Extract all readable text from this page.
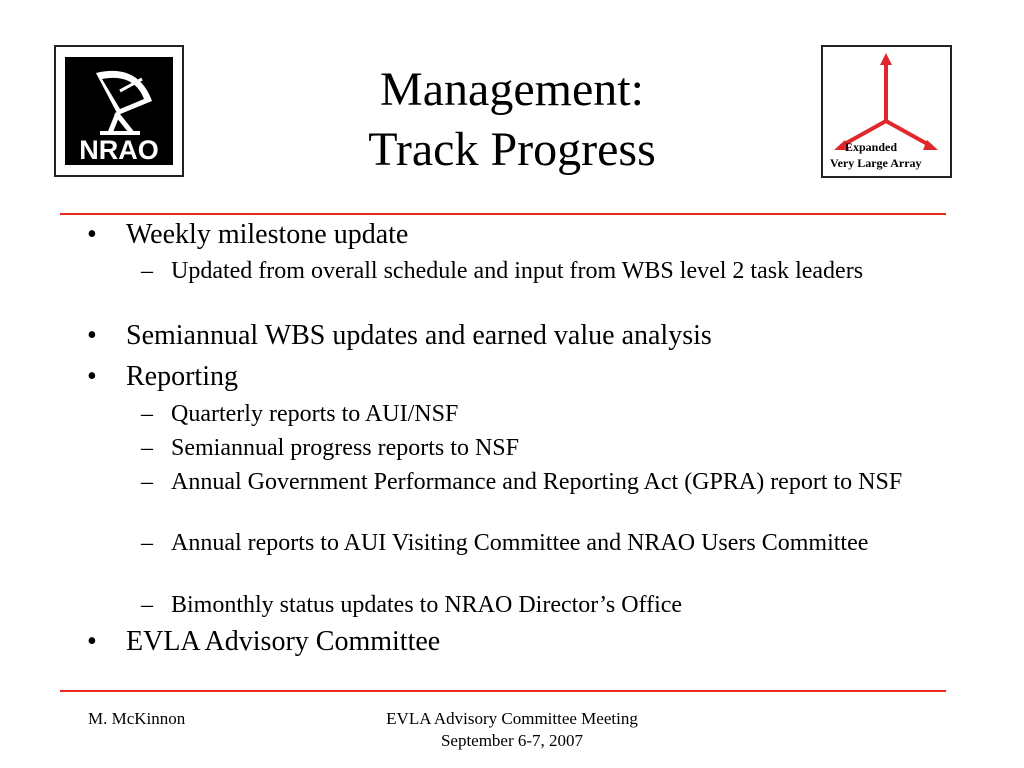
NRAO
Management:
Track Progress	Expanded
Very Large Array
• Weekly milestone update
– Updated from overall schedule and input from WBS level 2 task leaders
• Semiannual WBS updates and earned value analysis
• Reporting
– Quarterly reports to AUI/NSF
– Semiannual progress reports to NSF
– Annual Government Performance and Reporting Act (GPRA) report to NSF
– Annual reports to AUI Visiting Committee and NRAO Users Committee
– Bimonthly status updates to NRAO Director’s Office
• EVLA Advisory Committee
M. McKinnon	EVLA Advisory Committee Meeting
September 6-7, 2007
